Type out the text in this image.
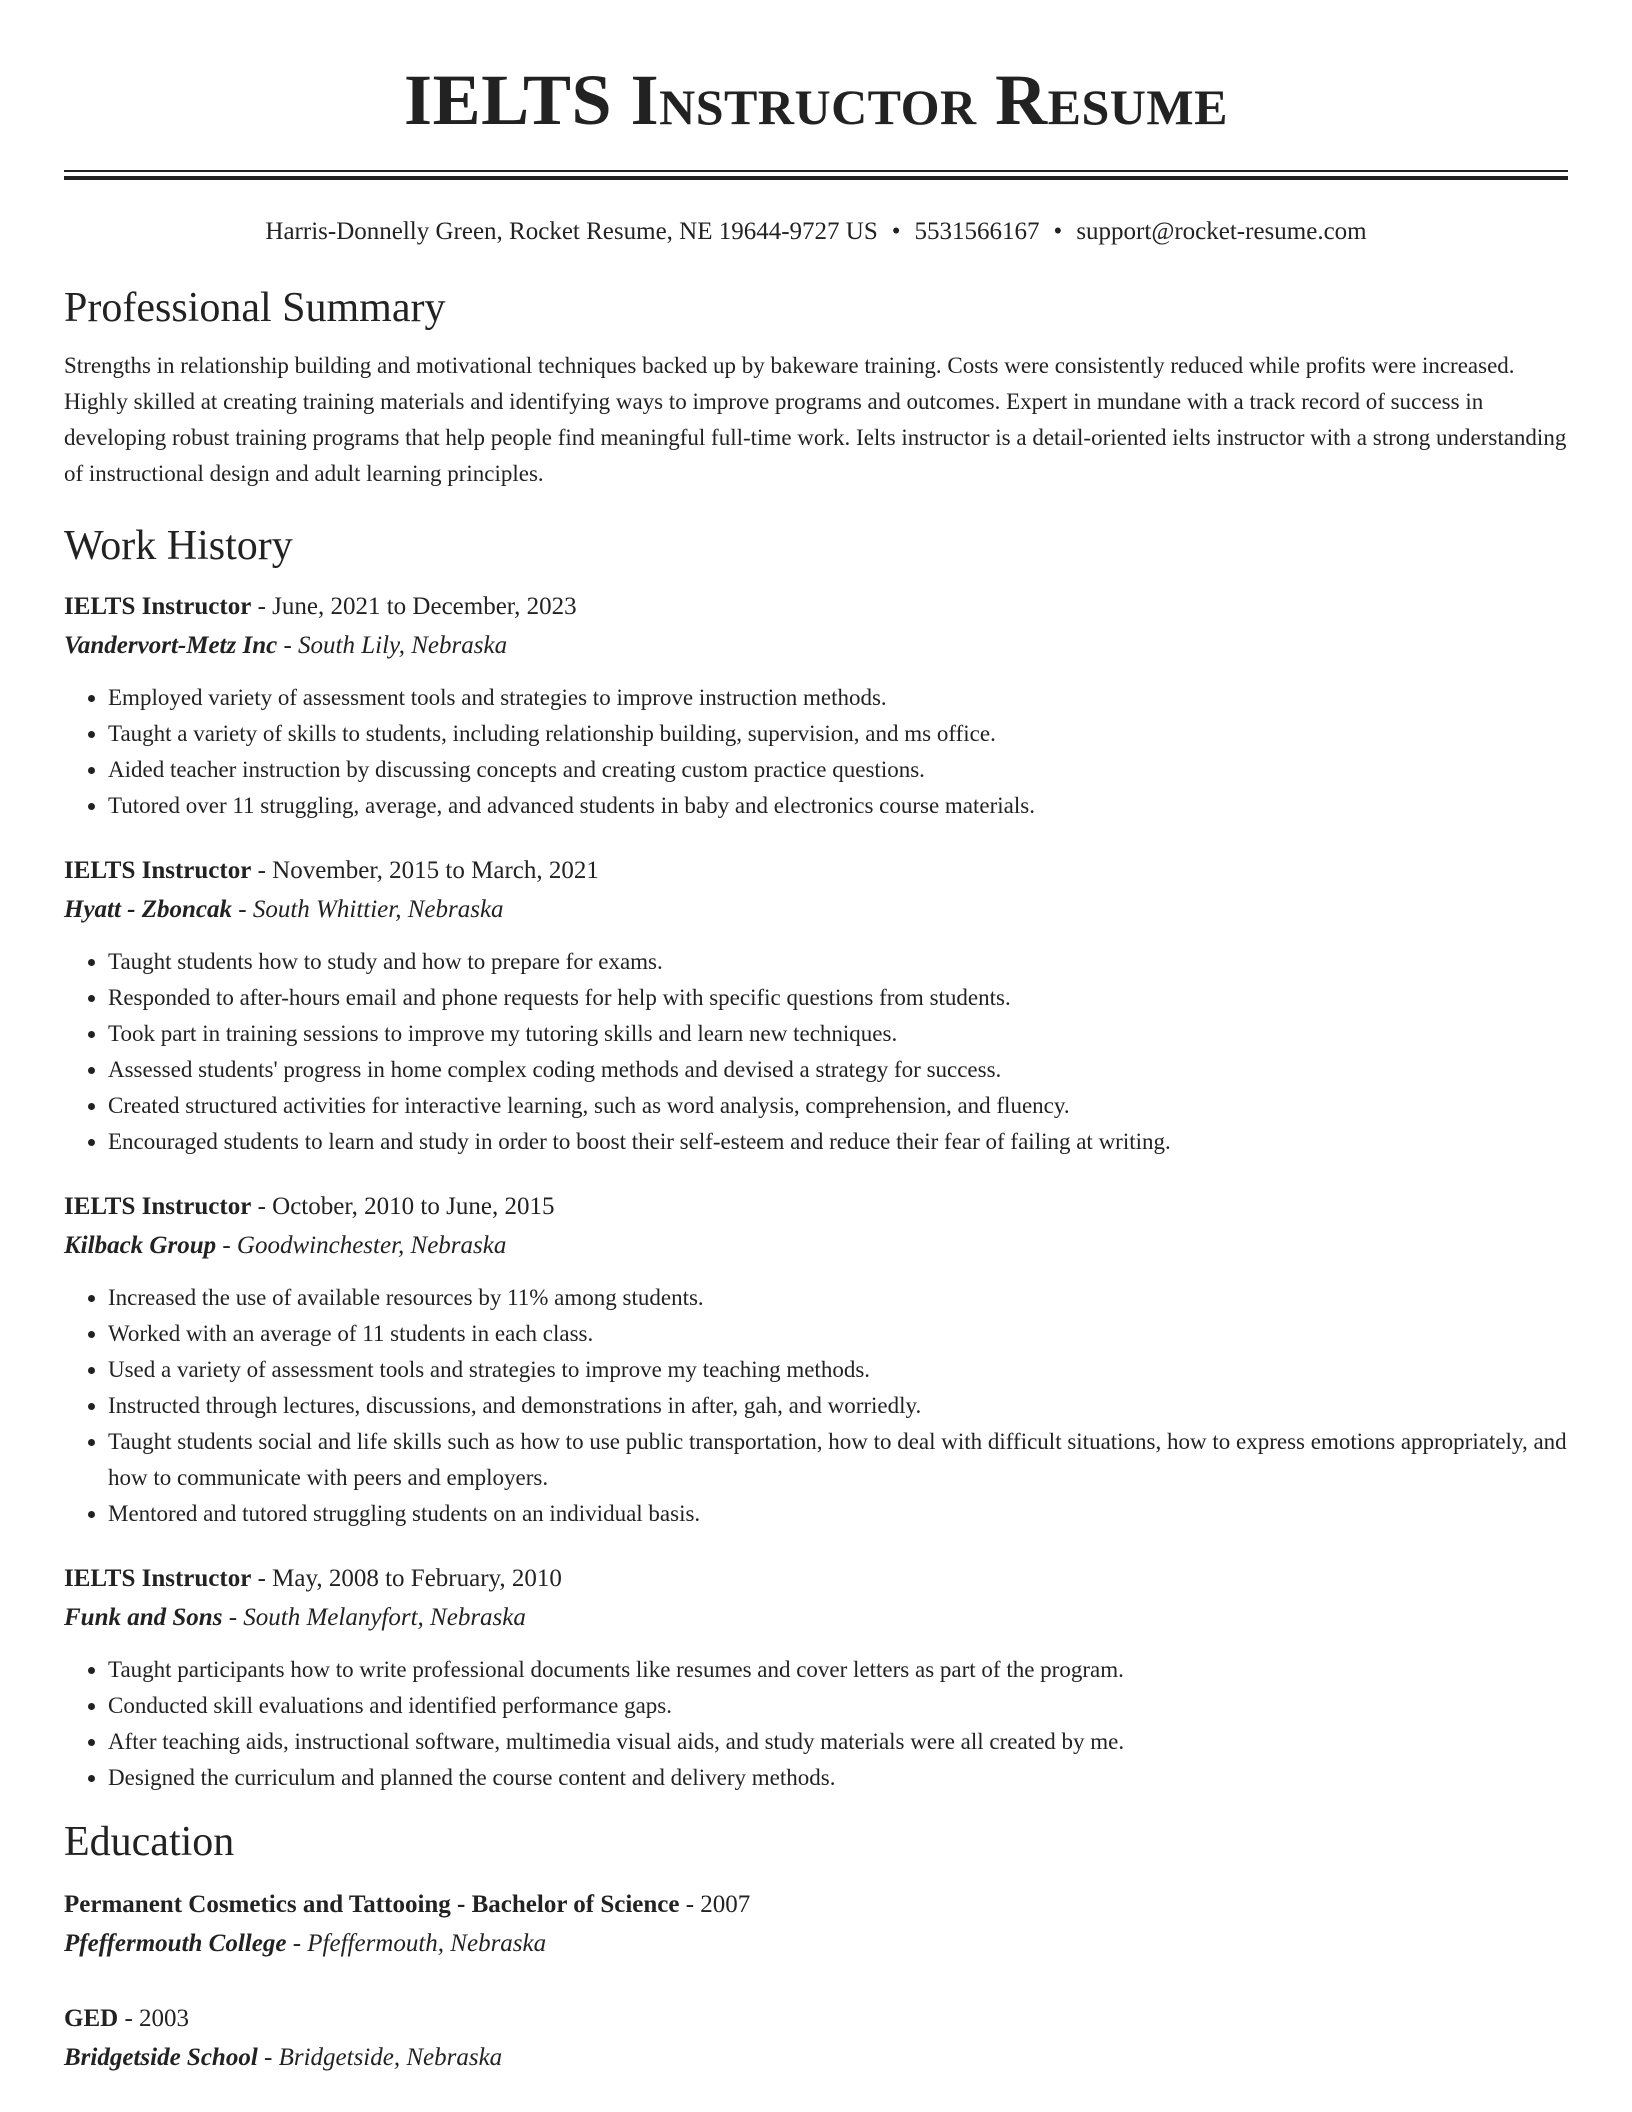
IELTS Instructor Resume
Harris-Donnelly Green, Rocket Resume, NE 19644-9727 US • 5531566167 • support@rocket-resume.com
Professional Summary

Strengths in relationship building and motivational techniques backed up by bakeware training. Costs were consistently reduced while profits were increased. Highly skilled at creating training materials and identifying ways to improve programs and outcomes. Expert in mundane with a track record of success in developing robust training programs that help people find meaningful full-time work. Ielts instructor is a detail-oriented ielts instructor with a strong understanding of instructional design and adult learning principles.

Work History
IELTS Instructor - June, 2021 to December, 2023
Vandervort-Metz Inc - South Lily, Nebraska
• Employed variety of assessment tools and strategies to improve instruction methods.
• Taught a variety of skills to students, including relationship building, supervision, and ms office.
• Aided teacher instruction by discussing concepts and creating custom practice questions.
• Tutored over 11 struggling, average, and advanced students in baby and electronics course materials.
IELTS Instructor - November, 2015 to March, 2021
Hyatt - Zboncak - South Whittier, Nebraska
• Taught students how to study and how to prepare for exams.
• Responded to after-hours email and phone requests for help with specific questions from students.
• Took part in training sessions to improve my tutoring skills and learn new techniques.
• Assessed students' progress in home complex coding methods and devised a strategy for success.
• Created structured activities for interactive learning, such as word analysis, comprehension, and fluency.
• Encouraged students to learn and study in order to boost their self-esteem and reduce their fear of failing at writing.
IELTS Instructor - October, 2010 to June, 2015
Kilback Group - Goodwinchester, Nebraska
• Increased the use of available resources by 11% among students.
• Worked with an average of 11 students in each class.
• Used a variety of assessment tools and strategies to improve my teaching methods.
• Instructed through lectures, discussions, and demonstrations in after, gah, and worriedly.
• Taught students social and life skills such as how to use public transportation, how to deal with difficult situations, how to express emotions appropriately, and how to communicate with peers and employers.
• Mentored and tutored struggling students on an individual basis.
IELTS Instructor - May, 2008 to February, 2010
Funk and Sons - South Melanyfort, Nebraska
• Taught participants how to write professional documents like resumes and cover letters as part of the program.
• Conducted skill evaluations and identified performance gaps.
• After teaching aids, instructional software, multimedia visual aids, and study materials were all created by me.
• Designed the curriculum and planned the course content and delivery methods.
Education
Permanent Cosmetics and Tattooing - Bachelor of Science - 2007
Pfeffermouth College - Pfeffermouth, Nebraska
GED - 2003
Bridgetside School - Bridgetside, Nebraska
